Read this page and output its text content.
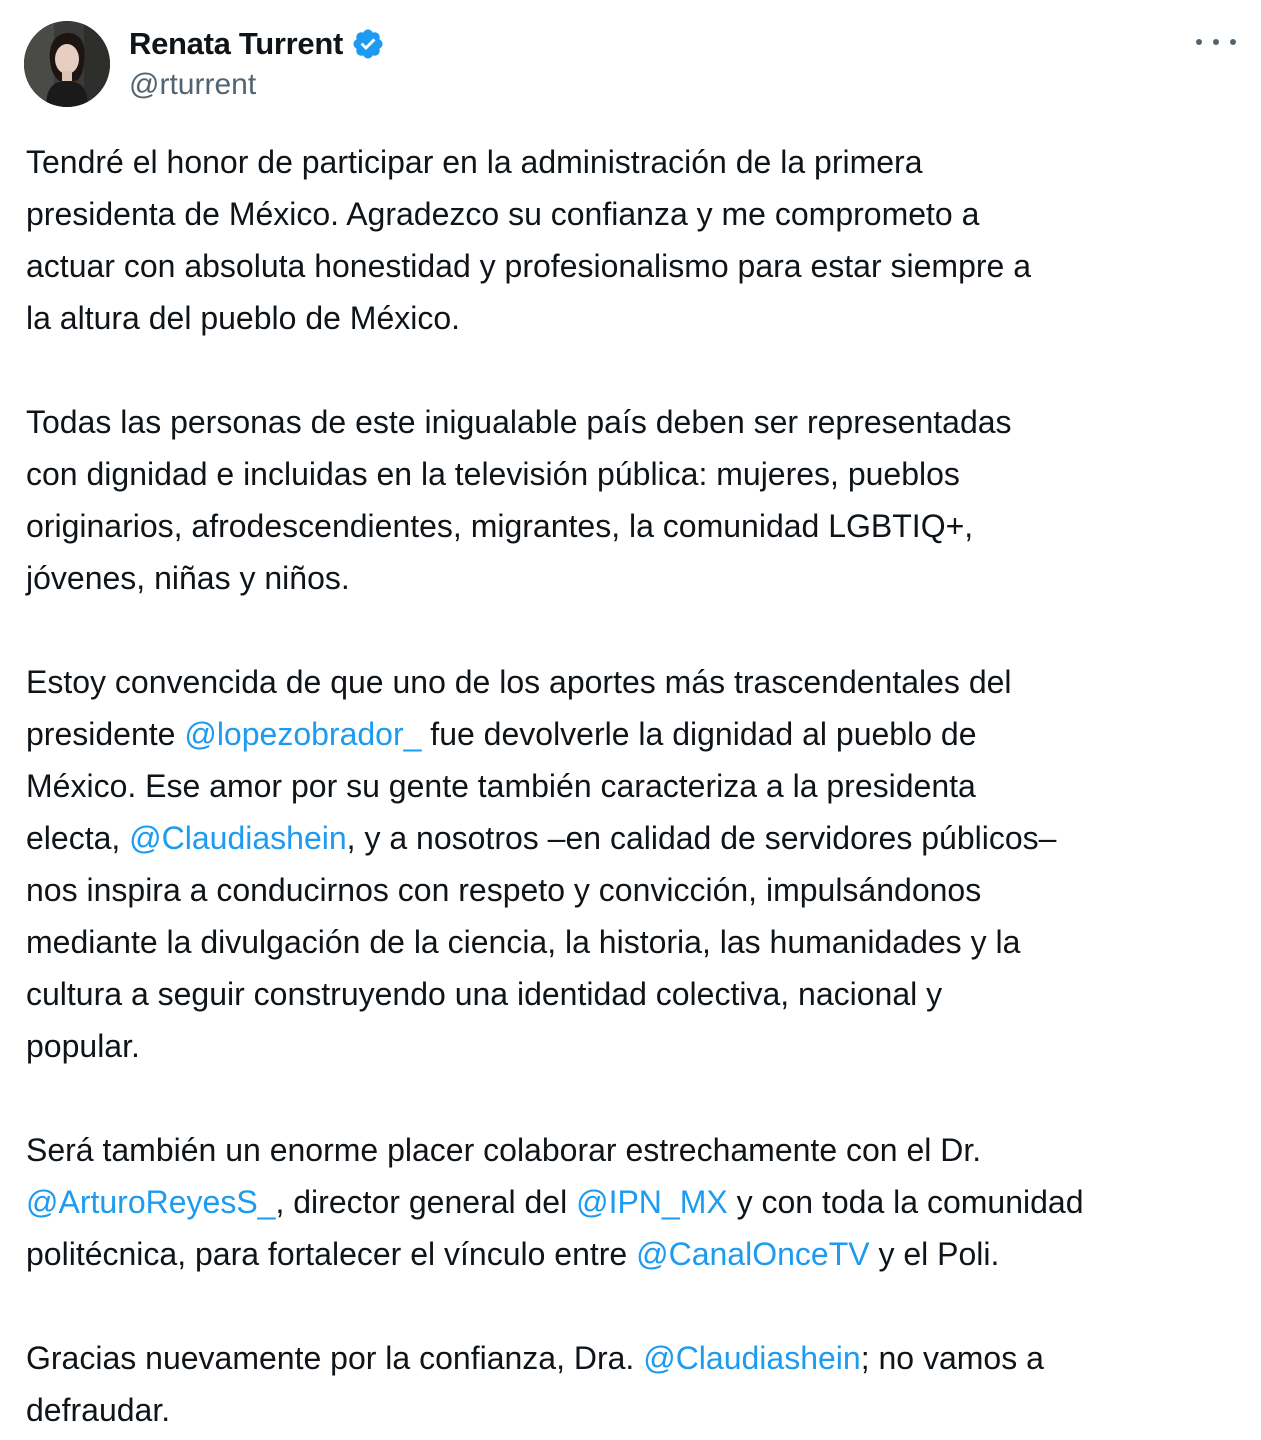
Renata Turrent
@rturrent
Tendré el honor de participar en la administración de la primera
presidenta de México. Agradezco su confianza y me comprometo a
actuar con absoluta honestidad y profesionalismo para estar siempre a
la altura del pueblo de México.
Todas las personas de este inigualable país deben ser representadas
con dignidad e incluidas en la televisión pública: mujeres, pueblos
originarios, afrodescendientes, migrantes, la comunidad LGBTIQ+,
jóvenes, niñas y niños.
Estoy convencida de que uno de los aportes más trascendentales del
presidente @lopezobrador_ fue devolverle la dignidad al pueblo de
México. Ese amor por su gente también caracteriza a la presidenta
electa, @Claudiashein, y a nosotros –en calidad de servidores públicos–
nos inspira a conducirnos con respeto y convicción, impulsándonos
mediante la divulgación de la ciencia, la historia, las humanidades y la
cultura a seguir construyendo una identidad colectiva, nacional y
popular.
Será también un enorme placer colaborar estrechamente con el Dr.
@ArturoReyesS_, director general del @IPN_MX y con toda la comunidad
politécnica, para fortalecer el vínculo entre @CanalOnceTV y el Poli.
Gracias nuevamente por la confianza, Dra. @Claudiashein; no vamos a
defraudar.
